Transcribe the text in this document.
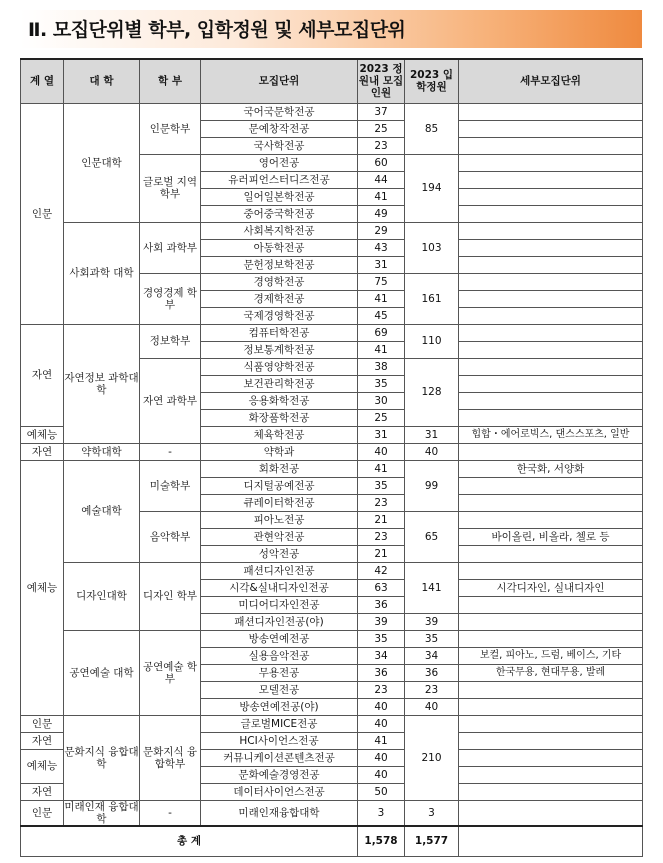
Ⅱ. 모집단위별 학부, 입학정원 및 세부모집단위
계 열	대 학	학 부	모집단위	2023 정원내 모집인원	2023 입학정원	세부모집단위
인문	인문대학	인문학부	국어국문학전공	37	85	
			문예창작전공	25		
			국사학전공	23		
		글로벌 지역학부	영어전공	60	194	
			유러피언스터디즈전공	44		
			일어일본학전공	41		
			중어중국학전공	49		
	사회과학 대학	사회 과학부	사회복지학전공	29	103	
			아동학전공	43		
			문헌정보학전공	31		
		경영경제 학부	경영학전공	75	161	
			경제학전공	41		
			국제경영학전공	45		
자연	자연정보 과학대학	정보학부	컴퓨터학전공	69	110	
			정보통계학전공	41		
		자연 과학부	식품영양학전공	38	128	
			보건관리학전공	35		
			응용화학전공	30		
			화장품학전공	25		
예체능			체육학전공	31	31	힙합・에어로빅스, 댄스스포츠, 일반
자연	약학대학	-	약학과	40	40	
예체능	예술대학	미술학부	회화전공	41	99	한국화, 서양화
			디지털공예전공	35		
			큐레이터학전공	23		
		음악학부	피아노전공	21	65	
			관현악전공	23		바이올린, 비올라, 첼로 등
			성악전공	21		
	디자인대학	디자인 학부	패션디자인전공	42	141	
			시각&실내디자인전공	63		시각디자인, 실내디자인
			미디어디자인전공	36		
			패션디자인전공(야)	39	39	
	공연예술 대학	공연예술 학부	방송연예전공	35	35	
			실용음악전공	34	34	보컬, 피아노, 드럼, 베이스, 기타
			무용전공	36	36	한국무용, 현대무용, 발레
			모델전공	23	23	
			방송연예전공(야)	40	40	
인문	문화지식 융합대학	문화지식 융합학부	글로벌MICE전공	40	210	
자연			HCI사이언스전공	41		
예체능			커뮤니케이션콘텐츠전공	40		
			문화예술경영전공	40		
자연			데이터사이언스전공	50		
인문	미래인재 융합대학	-	미래인재융합대학	3	3	
총 계				1,578	1,577	
